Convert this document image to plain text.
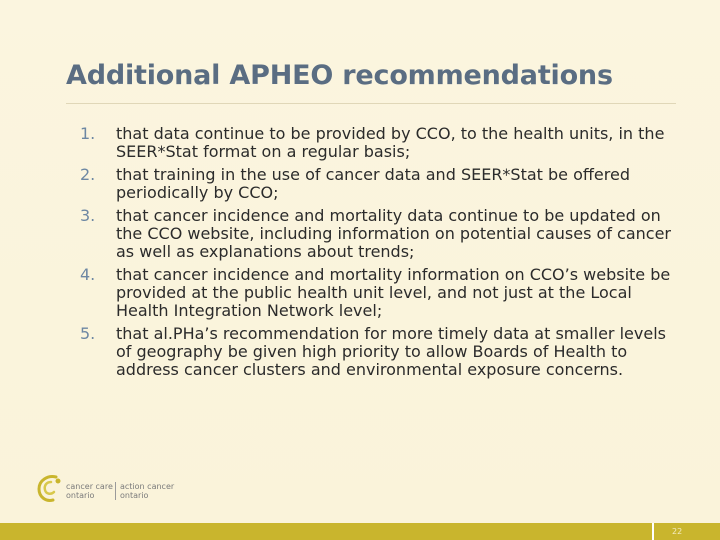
Additional APHEO recommendations
1.	that data continue to be provided by CCO, to the health units, in the SEER*Stat format on a regular basis;
2.	that training in the use of cancer data and SEER*Stat be offered periodically by CCO;
3.	that cancer incidence and mortality data continue to be updated on the CCO website, including information on potential causes of cancer as well as explanations about trends;
4.	that cancer incidence and mortality information on CCO’s website be provided at the public health unit level, and not just at the Local Health Integration Network level;
5.	that al.PHa’s recommendation for more timely data at smaller levels of geography be given high priority to allow Boards of Health to address cancer clusters and environmental exposure concerns.
cancer care
ontario
action cancer
ontario
22
